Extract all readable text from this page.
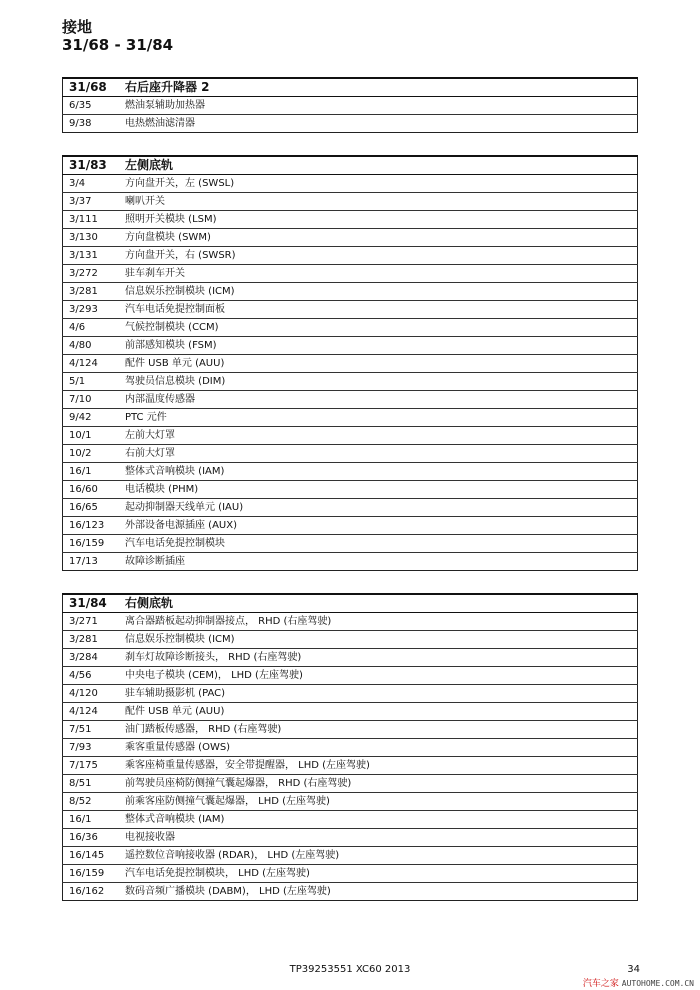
接地
31/68 - 31/84
31/68	右后座升降器 2
6/35	燃油泵辅助加热器
9/38	电热燃油滤清器
31/83	左侧底轨
3/4	方向盘开关，左 (SWSL)
3/37	喇叭开关
3/111	照明开关模块 (LSM)
3/130	方向盘模块 (SWM)
3/131	方向盘开关，右 (SWSR)
3/272	驻车刹车开关
3/281	信息娱乐控制模块 (ICM)
3/293	汽车电话免提控制面板
4/6	气候控制模块 (CCM)
4/80	前部感知模块 (FSM)
4/124	配件 USB 单元 (AUU)
5/1	驾驶员信息模块 (DIM)
7/10	内部温度传感器
9/42	PTC 元件
10/1	左前大灯罩
10/2	右前大灯罩
16/1	整体式音响模块 (IAM)
16/60	电话模块 (PHM)
16/65	起动抑制器天线单元 (IAU)
16/123	外部设备电源插座 (AUX)
16/159	汽车电话免提控制模块
17/13	故障诊断插座
31/84	右侧底轨
3/271	离合器踏板起动抑制器接点， RHD (右座驾驶)
3/281	信息娱乐控制模块 (ICM)
3/284	刹车灯故障诊断接头， RHD (右座驾驶)
4/56	中央电子模块 (CEM)， LHD (左座驾驶)
4/120	驻车辅助摄影机 (PAC)
4/124	配件 USB 单元 (AUU)
7/51	油门踏板传感器， RHD (右座驾驶)
7/93	乘客重量传感器 (OWS)
7/175	乘客座椅重量传感器，安全带提醒器， LHD (左座驾驶)
8/51	前驾驶员座椅防侧撞气囊起爆器， RHD (右座驾驶)
8/52	前乘客座防侧撞气囊起爆器， LHD (左座驾驶)
16/1	整体式音响模块 (IAM)
16/36	电视接收器
16/145	遥控数位音响接收器 (RDAR)， LHD (左座驾驶)
16/159	汽车电话免提控制模块， LHD (左座驾驶)
16/162	数码音频广播模块 (DABM)， LHD (左座驾驶)
TP39253551 XC60 2013	34
汽车之家 AUTOHOME.COM.CN
